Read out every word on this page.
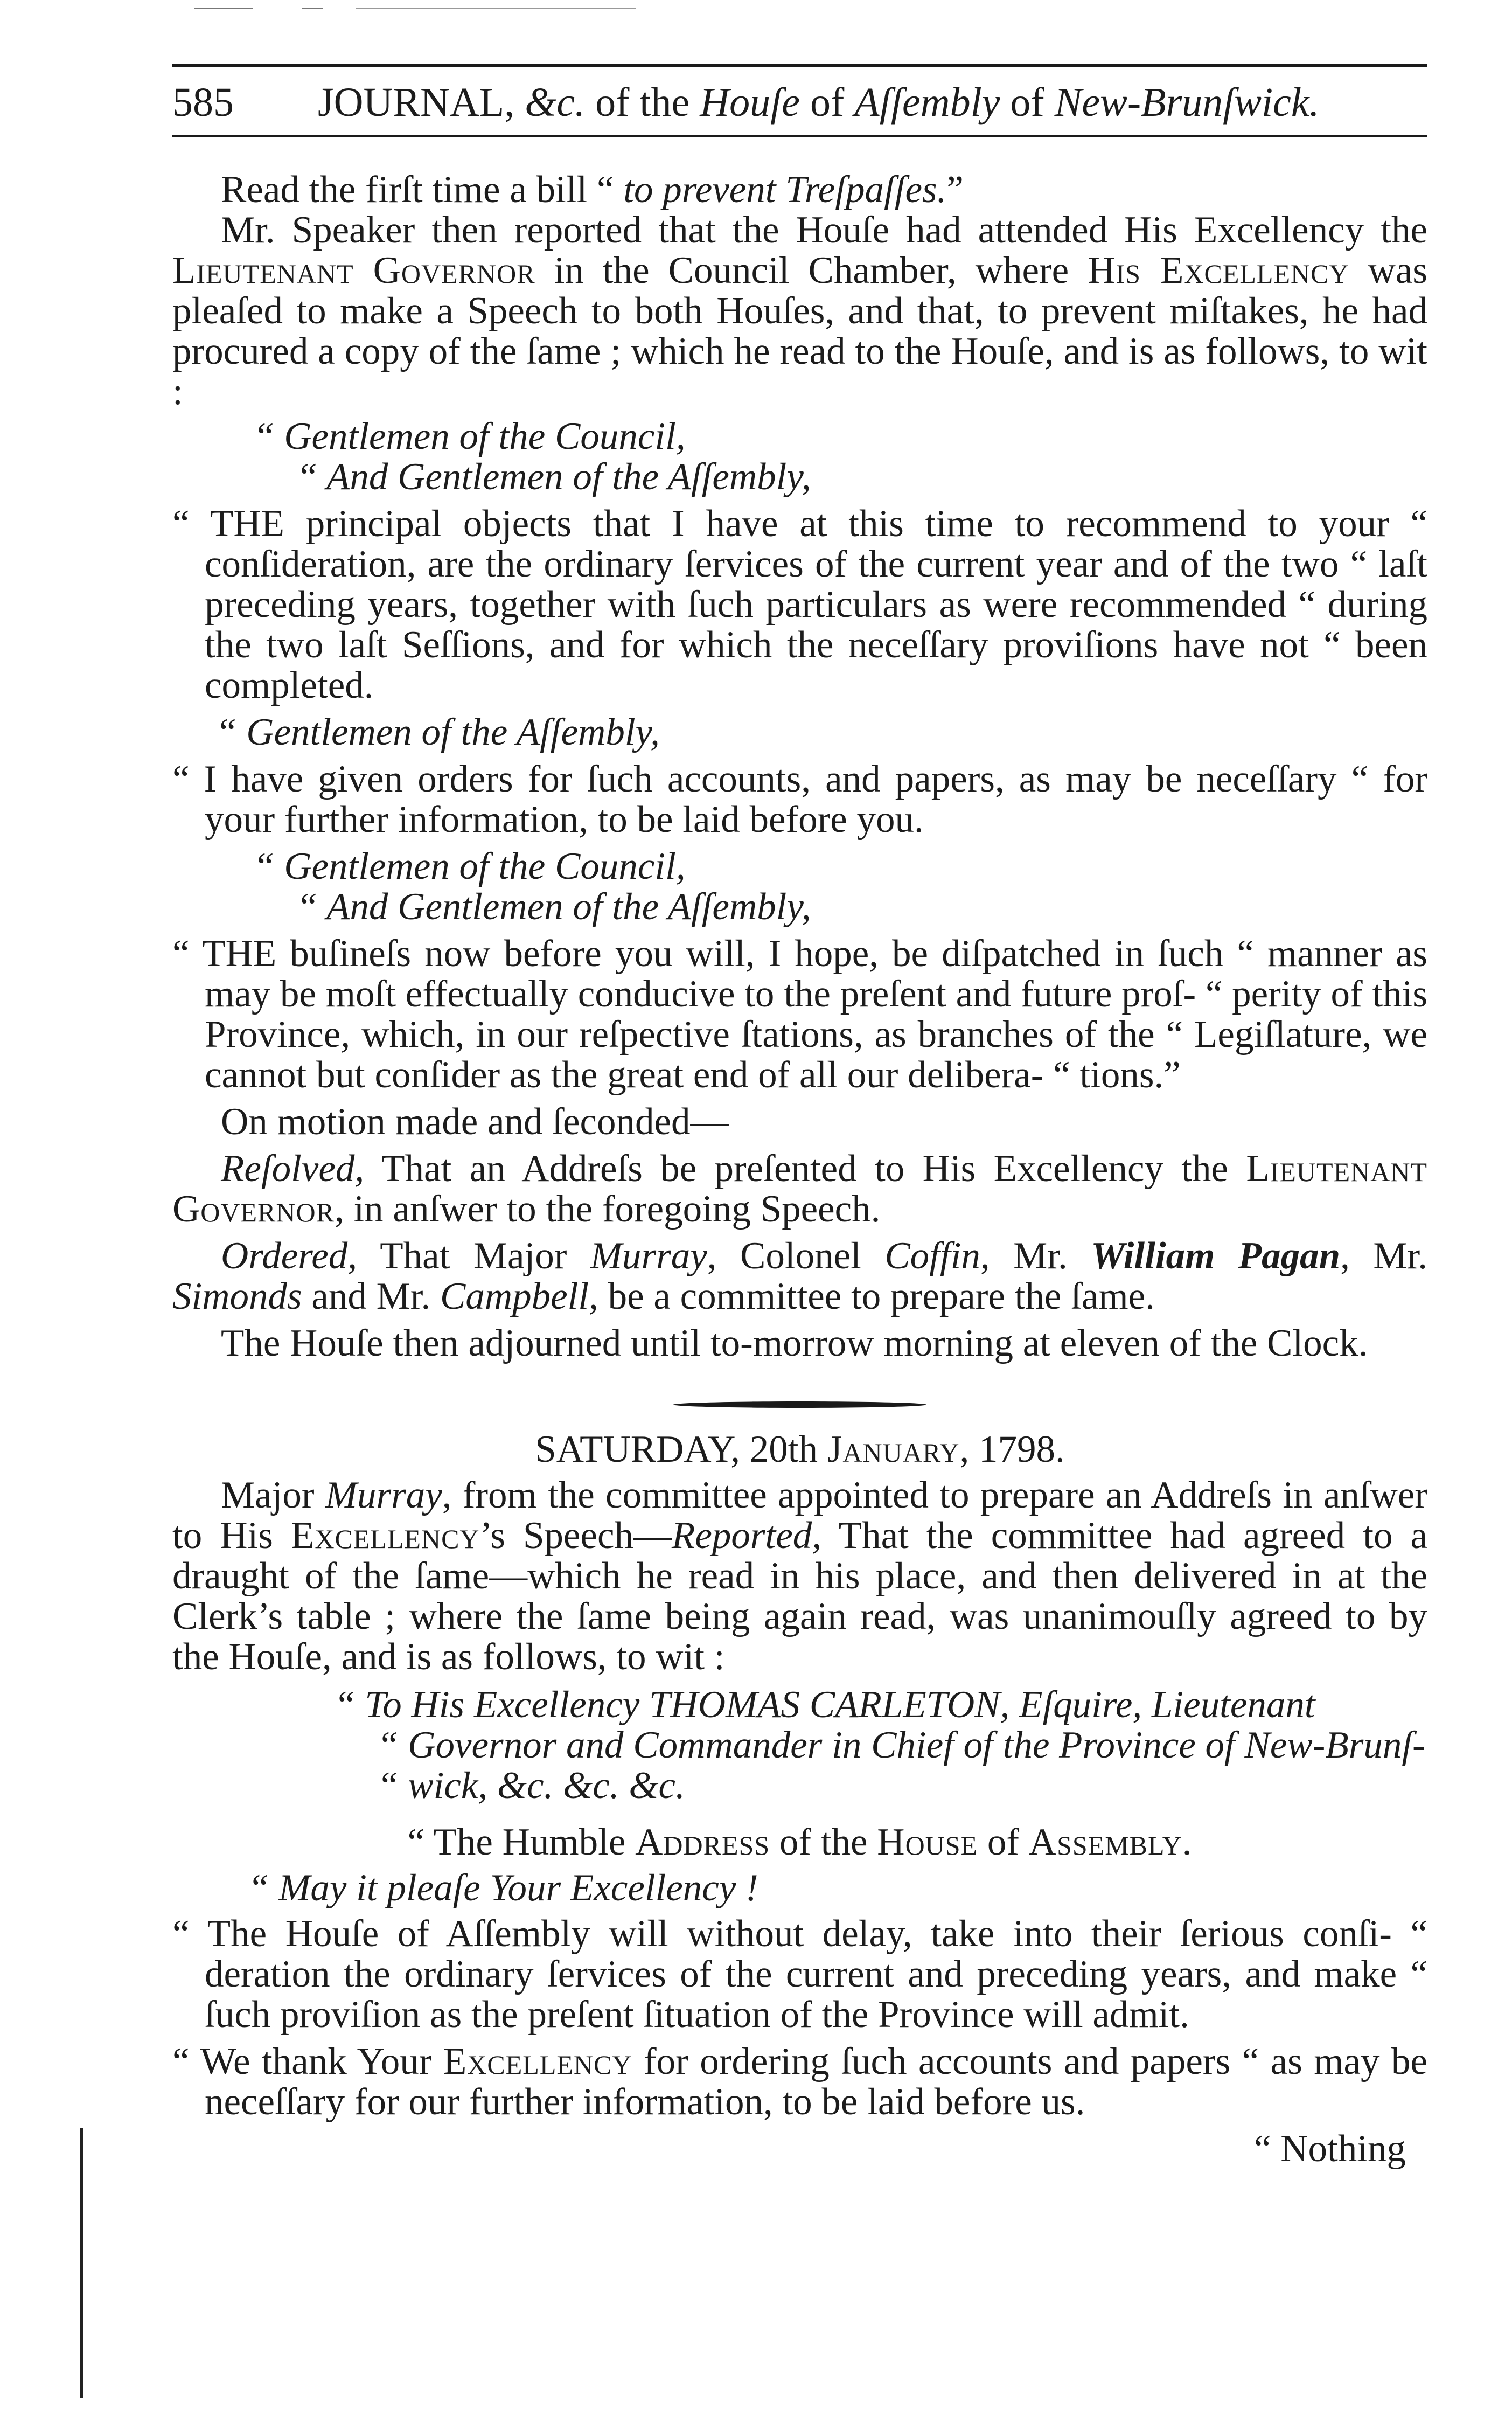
585 JOURNAL, &c. of the Houſe of Aſſembly of New-Brunſwick.

Read the firſt time a bill “ to prevent Treſpaſſes.”

Mr. Speaker then reported that the Houſe had attended His Excellency the Lieutenant Governor in the Council Chamber, where His Excellency was pleaſed to make a Speech to both Houſes, and that, to prevent miſtakes, he had procured a copy of the ſame ; which he read to the Houſe, and is as follows, to wit :

“ Gentlemen of the Council,

“ And Gentlemen of the Aſſembly,

“ THE principal objects that I have at this time to recommend to your “ conſideration, are the ordinary ſervices of the current year and of the two “ laſt preceding years, together with ſuch particulars as were recommended “ during the two laſt Seſſions, and for which the neceſſary proviſions have not “ been completed.

“ Gentlemen of the Aſſembly,

“ I have given orders for ſuch accounts, and papers, as may be neceſſary “ for your further information, to be laid before you.

“ Gentlemen of the Council,

“ And Gentlemen of the Aſſembly,

“ THE buſineſs now before you will, I hope, be diſpatched in ſuch “ manner as may be moſt effectually conducive to the preſent and future proſ- “ perity of this Province, which, in our reſpective ſtations, as branches of the “ Legiſlature, we cannot but conſider as the great end of all our delibera- “ tions.”

On motion made and ſeconded—

Reſolved, That an Addreſs be preſented to His Excellency the Lieutenant Governor, in anſwer to the foregoing Speech.

Ordered, That Major Murray, Colonel Coffin, Mr. William Pagan, Mr. Simonds and Mr. Campbell, be a committee to prepare the ſame.

The Houſe then adjourned until to-morrow morning at eleven of the Clock.

SATURDAY, 20th January, 1798.

Major Murray, from the committee appointed to prepare an Addreſs in anſwer to His Excellency’s Speech—Reported, That the committee had agreed to a draught of the ſame—which he read in his place, and then delivered in at the Clerk’s table ; where the ſame being again read, was unanimouſly agreed to by the Houſe, and is as follows, to wit :

“ To His Excellency THOMAS CARLETON, Eſquire, Lieutenant

“ Governor and Commander in Chief of the Province of New-Brunſ-

“ wick, &c. &c. &c.

“ The Humble Address of the House of Assembly.

“ May it pleaſe Your Excellency !

“ The Houſe of Aſſembly will without delay, take into their ſerious conſi- “ deration the ordinary ſervices of the current and preceding years, and make “ ſuch proviſion as the preſent ſituation of the Province will admit.

“ We thank Your Excellency for ordering ſuch accounts and papers “ as may be neceſſary for our further information, to be laid before us.

“ Nothing
